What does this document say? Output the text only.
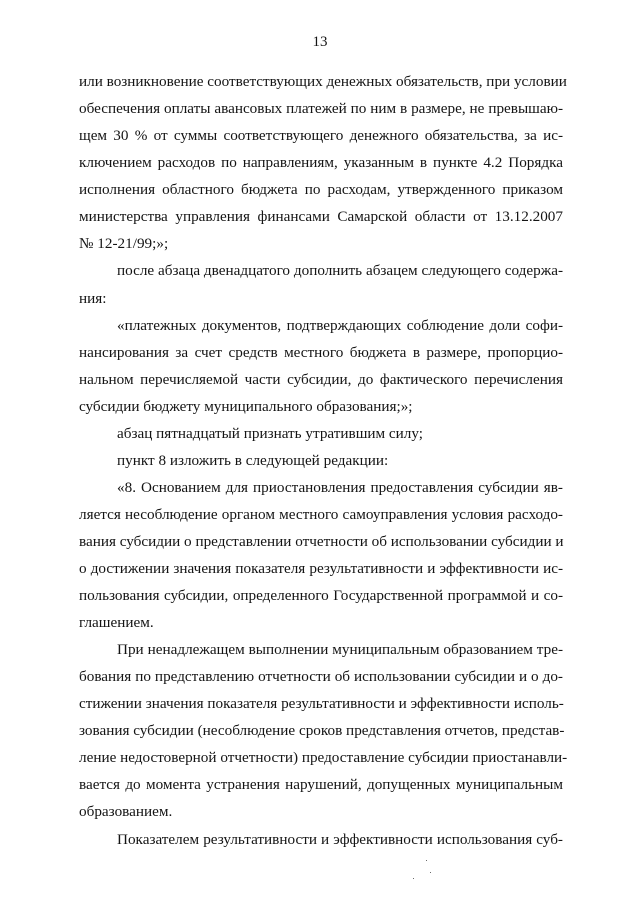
13
или возникновение соответствующих денежных обязательств, при условии
обеспечения оплаты авансовых платежей по ним в размере, не превышаю-
щем 30 % от суммы соответствующего денежного обязательства, за ис-
ключением расходов по направлениям, указанным в пункте 4.2 Порядка
исполнения областного бюджета по расходам, утвержденного приказом
министерства управления финансами Самарской области от 13.12.2007
№ 12-21/99;»;
после абзаца двенадцатого дополнить абзацем следующего содержа-
ния:
«платежных документов, подтверждающих соблюдение доли софи-
нансирования за счет средств местного бюджета в размере, пропорцио-
нальном перечисляемой части субсидии, до фактического перечисления
субсидии бюджету муниципального образования;»;
абзац пятнадцатый признать утратившим силу;
пункт 8 изложить в следующей редакции:
«8. Основанием для приостановления предоставления субсидии яв-
ляется несоблюдение органом местного самоуправления условия расходо-
вания субсидии о представлении отчетности об использовании субсидии и
о достижении значения показателя результативности и эффективности ис-
пользования субсидии, определенного Государственной программой и со-
глашением.
При ненадлежащем выполнении муниципальным образованием тре-
бования по представлению отчетности об использовании субсидии и о до-
стижении значения показателя результативности и эффективности исполь-
зования субсидии (несоблюдение сроков представления отчетов, представ-
ление недостоверной отчетности) предоставление субсидии приостанавли-
вается до момента устранения нарушений, допущенных муниципальным
образованием.
Показателем результативности и эффективности использования суб-
